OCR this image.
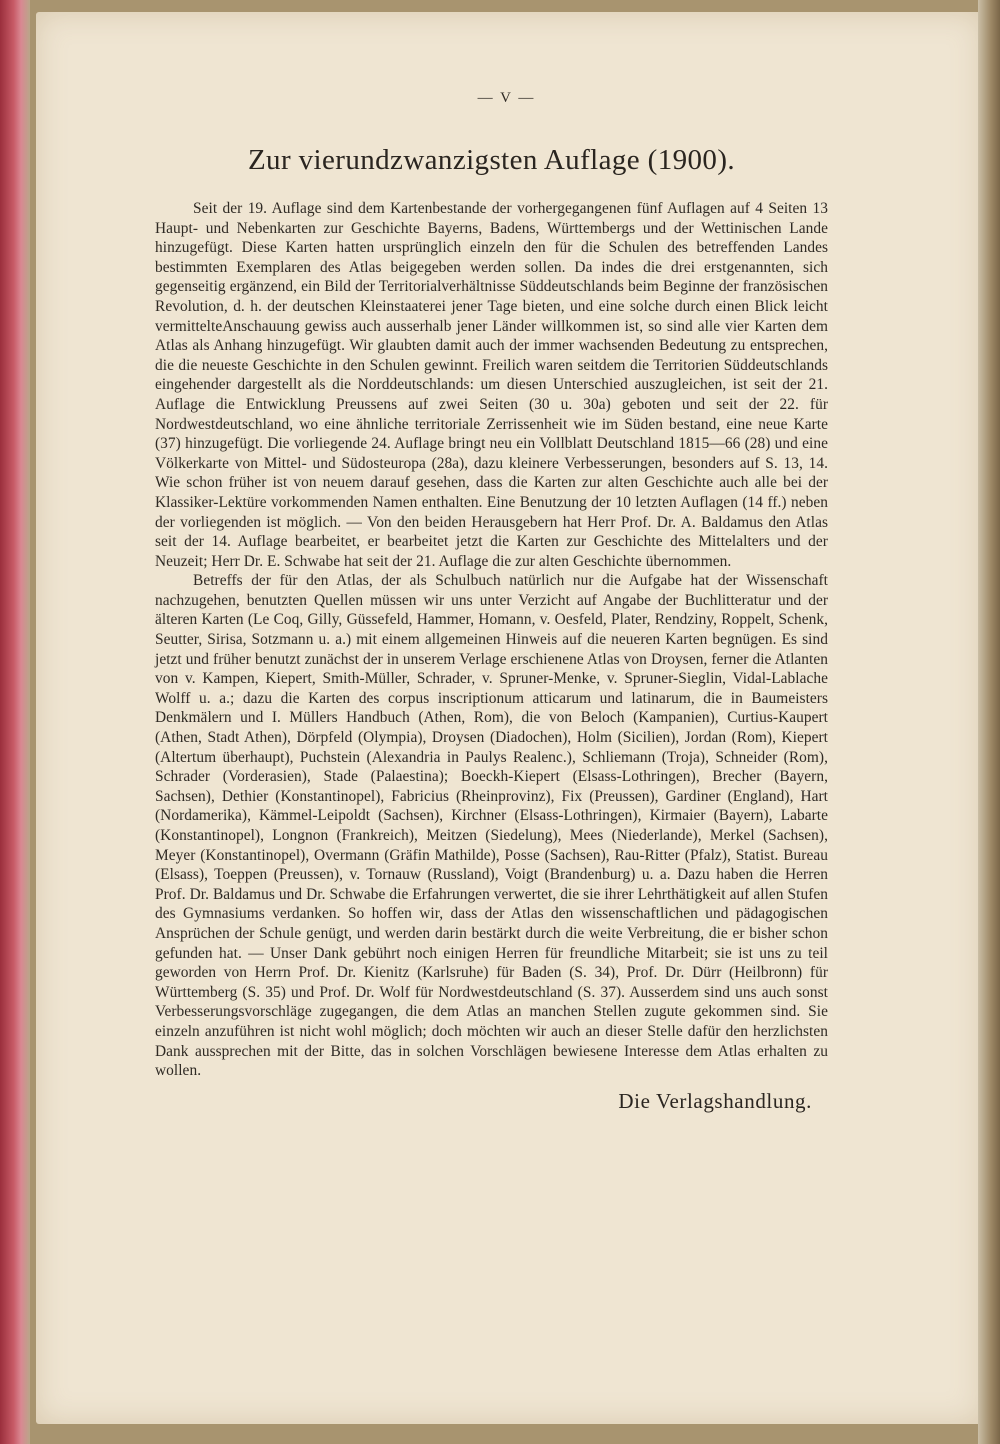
— V —
Zur vierundzwanzigsten Auflage (1900).

Seit der 19. Auflage sind dem Kartenbestande der vorhergegangenen fünf Auflagen auf 4 Seiten 13 Haupt- und Nebenkarten zur Geschichte Bayerns, Badens, Württembergs und der Wettinischen Lande hinzugefügt. Diese Karten hatten ursprünglich einzeln den für die Schulen des betreffenden Landes bestimmten Exemplaren des Atlas beigegeben werden sollen. Da indes die drei erstgenannten, sich gegenseitig ergänzend, ein Bild der Territorialverhältnisse Süddeutschlands beim Beginne der französischen Revolution, d. h. der deutschen Kleinstaaterei jener Tage bieten, und eine solche durch einen Blick leicht vermittelteAnschauung gewiss auch ausserhalb jener Länder willkommen ist, so sind alle vier Karten dem Atlas als Anhang hinzugefügt. Wir glaubten damit auch der immer wachsenden Bedeutung zu entsprechen, die die neueste Geschichte in den Schulen gewinnt. Freilich waren seitdem die Territorien Süddeutschlands eingehender dargestellt als die Norddeutschlands: um diesen Unterschied auszugleichen, ist seit der 21. Auflage die Entwicklung Preussens auf zwei Seiten (30 u. 30a) geboten und seit der 22. für Nordwestdeutschland, wo eine ähnliche territoriale Zerrissenheit wie im Süden bestand, eine neue Karte (37) hinzugefügt. Die vorliegende 24. Auflage bringt neu ein Vollblatt Deutschland 1815—66 (28) und eine Völkerkarte von Mittel- und Südosteuropa (28a), dazu kleinere Verbesserungen, besonders auf S. 13, 14. Wie schon früher ist von neuem darauf gesehen, dass die Karten zur alten Geschichte auch alle bei der Klassiker-Lektüre vorkommenden Namen enthalten. Eine Benutzung der 10 letzten Auflagen (14 ff.) neben der vorliegenden ist möglich. — Von den beiden Herausgebern hat Herr Prof. Dr. A. Baldamus den Atlas seit der 14. Auflage bearbeitet, er bearbeitet jetzt die Karten zur Geschichte des Mittelalters und der Neuzeit; Herr Dr. E. Schwabe hat seit der 21. Auflage die zur alten Geschichte übernommen.

Betreffs der für den Atlas, der als Schulbuch natürlich nur die Aufgabe hat der Wissenschaft nachzugehen, benutzten Quellen müssen wir uns unter Verzicht auf Angabe der Buchlitteratur und der älteren Karten (Le Coq, Gilly, Güssefeld, Hammer, Homann, v. Oesfeld, Plater, Rendziny, Roppelt, Schenk, Seutter, Sirisa, Sotzmann u. a.) mit einem allgemeinen Hinweis auf die neueren Karten begnügen. Es sind jetzt und früher benutzt zunächst der in unserem Verlage erschienene Atlas von Droysen, ferner die Atlanten von v. Kampen, Kiepert, Smith-Müller, Schrader, v. Spruner-Menke, v. Spruner-Sieglin, Vidal-Lablache Wolff u. a.; dazu die Karten des corpus inscriptionum atticarum und latinarum, die in Baumeisters Denkmälern und I. Müllers Handbuch (Athen, Rom), die von Beloch (Kampanien), Curtius-Kaupert (Athen, Stadt Athen), Dörpfeld (Olympia), Droysen (Diadochen), Holm (Sicilien), Jordan (Rom), Kiepert (Altertum überhaupt), Puchstein (Alexandria in Paulys Realenc.), Schliemann (Troja), Schneider (Rom), Schrader (Vorderasien), Stade (Palaestina); Boeckh-Kiepert (Elsass-Lothringen), Brecher (Bayern, Sachsen), Dethier (Konstantinopel), Fabricius (Rheinprovinz), Fix (Preussen), Gardiner (England), Hart (Nordamerika), Kämmel-Leipoldt (Sachsen), Kirchner (Elsass-Lothringen), Kirmaier (Bayern), Labarte (Konstantinopel), Longnon (Frankreich), Meitzen (Siedelung), Mees (Niederlande), Merkel (Sachsen), Meyer (Konstantinopel), Overmann (Gräfin Mathilde), Posse (Sachsen), Rau-Ritter (Pfalz), Statist. Bureau (Elsass), Toeppen (Preussen), v. Tornauw (Russland), Voigt (Brandenburg) u. a. Dazu haben die Herren Prof. Dr. Baldamus und Dr. Schwabe die Erfahrungen verwertet, die sie ihrer Lehrthätigkeit auf allen Stufen des Gymnasiums verdanken. So hoffen wir, dass der Atlas den wissenschaftlichen und pädagogischen Ansprüchen der Schule genügt, und werden darin bestärkt durch die weite Verbreitung, die er bisher schon gefunden hat. — Unser Dank gebührt noch einigen Herren für freundliche Mitarbeit; sie ist uns zu teil geworden von Herrn Prof. Dr. Kienitz (Karlsruhe) für Baden (S. 34), Prof. Dr. Dürr (Heilbronn) für Württemberg (S. 35) und Prof. Dr. Wolf für Nordwestdeutschland (S. 37). Ausserdem sind uns auch sonst Verbesserungsvorschläge zugegangen, die dem Atlas an manchen Stellen zugute gekommen sind. Sie einzeln anzuführen ist nicht wohl möglich; doch möchten wir auch an dieser Stelle dafür den herzlichsten Dank aussprechen mit der Bitte, das in solchen Vorschlägen bewiesene Interesse dem Atlas erhalten zu wollen.

Die Verlagshandlung.
